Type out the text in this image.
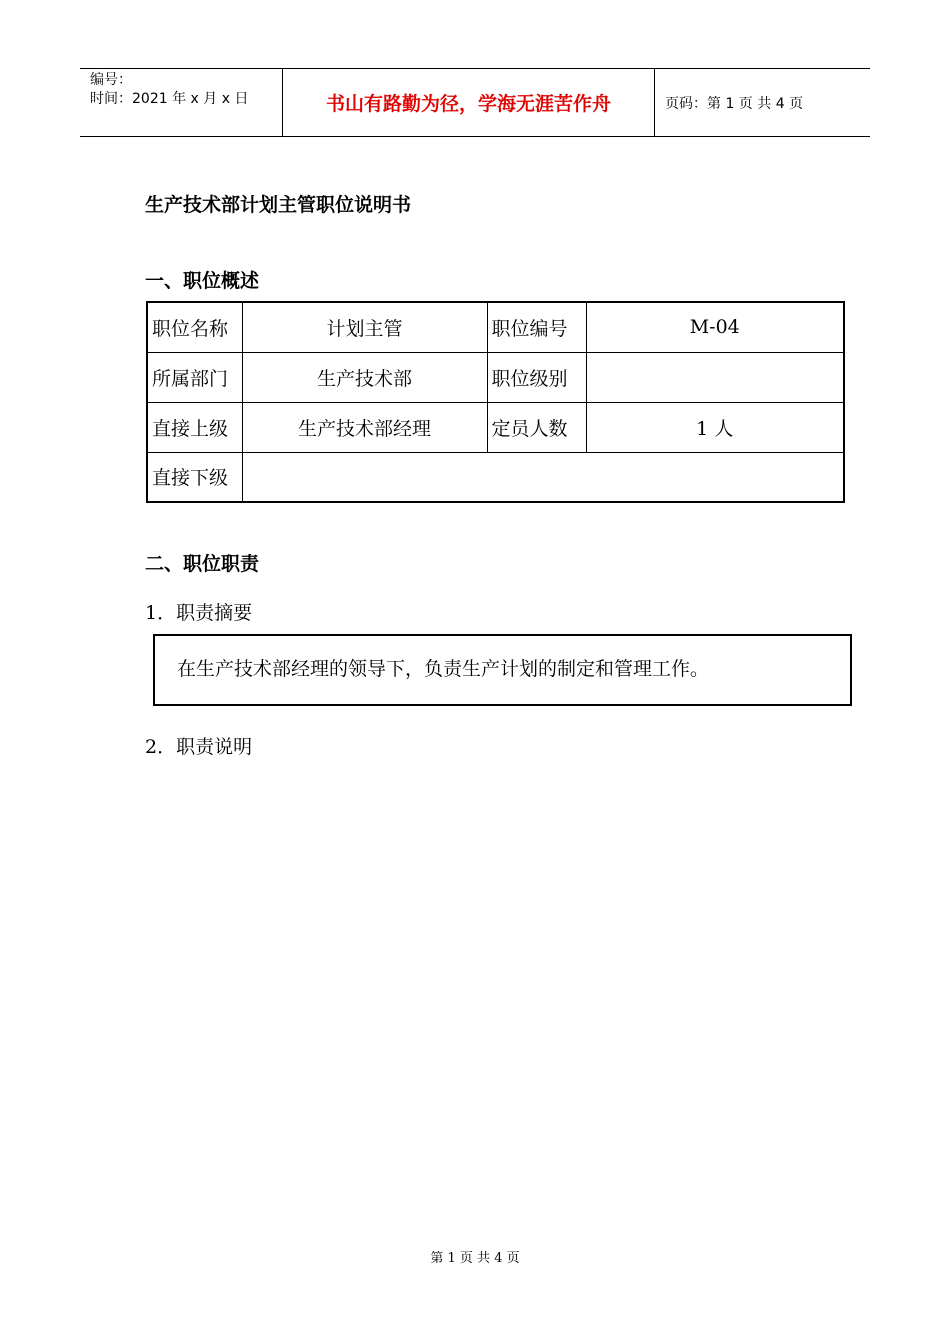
编号：
时间：2021 年 x 月 x 日	书山有路勤为径，学海无涯苦作舟	页码：第 1 页 共 4 页
生产技术部计划主管职位说明书
一、职位概述
职位名称	计划主管	职位编号	M-04
所属部门	生产技术部	职位级别	
直接上级	生产技术部经理	定员人数	1 人
直接下级			
二、职位职责
1．职责摘要
在生产技术部经理的领导下，负责生产计划的制定和管理工作。
2．职责说明
第 1 页 共 4 页
